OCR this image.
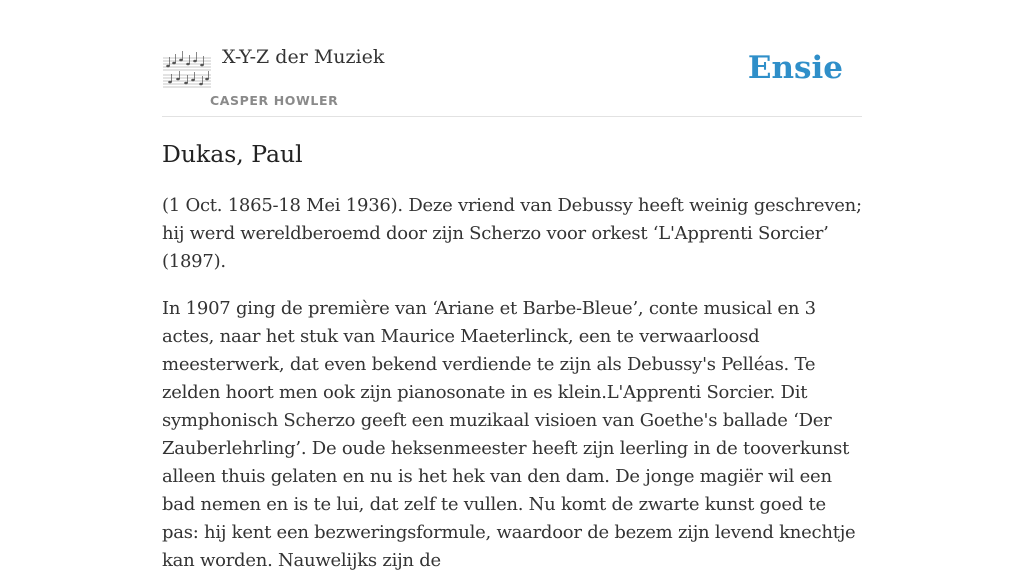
X-Y-Z der Muziek
CASPER HOWLER
Ensie
Dukas, Paul

(1 Oct. 1865-18 Mei 1936). Deze vriend van Debussy heeft weinig geschreven; hij werd wereldberoemd door zijn Scherzo voor orkest ‘L'Apprenti Sorcier’ (1897).

In 1907 ging de première van ‘Ariane et Barbe-Bleue’, conte musical en 3 actes, naar het stuk van Maurice Maeterlinck, een te verwaarloosd meesterwerk, dat even bekend verdiende te zijn als Debussy's Pelléas. Te zelden hoort men ook zijn pianosonate in es klein.L'Apprenti Sorcier. Dit symphonisch Scherzo geeft een muzikaal visioen van Goethe's ballade ‘Der Zauberlehrling’. De oude heksenmeester heeft zijn leerling in de tooverkunst alleen thuis gelaten en nu is het hek van den dam. De jonge magiër wil een bad nemen en is te lui, dat zelf te vullen. Nu komt de zwarte kunst goed te pas: hij kent een bezweringsformule, waardoor de bezem zijn levend knechtje kan worden. Nauwelijks zijn de
